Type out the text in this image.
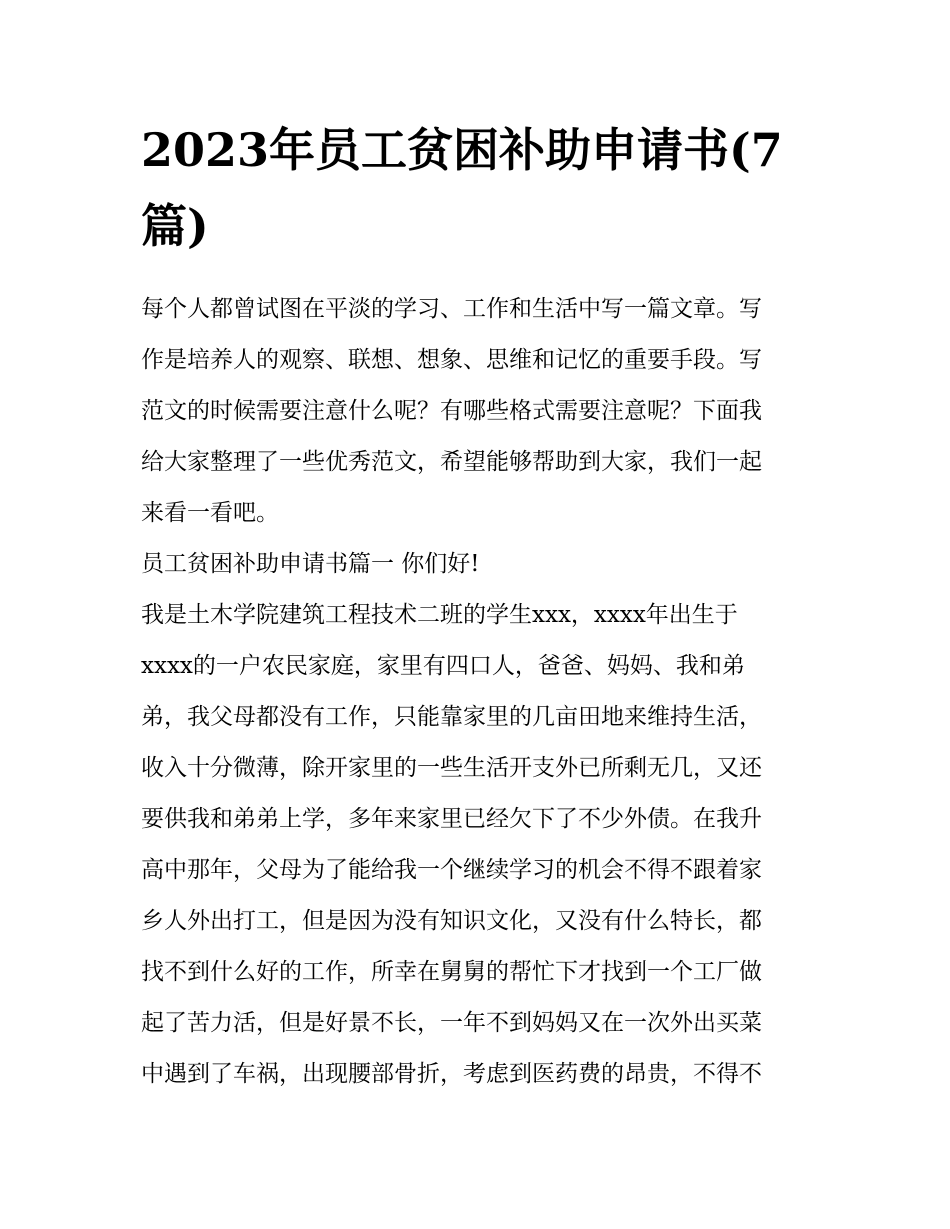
2023年员工贫困补助申请书(7
篇)
每个人都曾试图在平淡的学习、工作和生活中写一篇文章。写
作是培养人的观察、联想、想象、思维和记忆的重要手段。写
范文的时候需要注意什么呢？有哪些格式需要注意呢？下面我
给大家整理了一些优秀范文，希望能够帮助到大家，我们一起
来看一看吧。
员工贫困补助申请书篇一 你们好!
我是土木学院建筑工程技术二班的学生xxx，xxxx年出生于
xxxx的一户农民家庭，家里有四口人，爸爸、妈妈、我和弟
弟，我父母都没有工作，只能靠家里的几亩田地来维持生活，
收入十分微薄，除开家里的一些生活开支外已所剩无几，又还
要供我和弟弟上学，多年来家里已经欠下了不少外债。在我升
高中那年，父母为了能给我一个继续学习的机会不得不跟着家
乡人外出打工，但是因为没有知识文化，又没有什么特长，都
找不到什么好的工作，所幸在舅舅的帮忙下才找到一个工厂做
起了苦力活，但是好景不长，一年不到妈妈又在一次外出买菜
中遇到了车祸，出现腰部骨折，考虑到医药费的昂贵，不得不
